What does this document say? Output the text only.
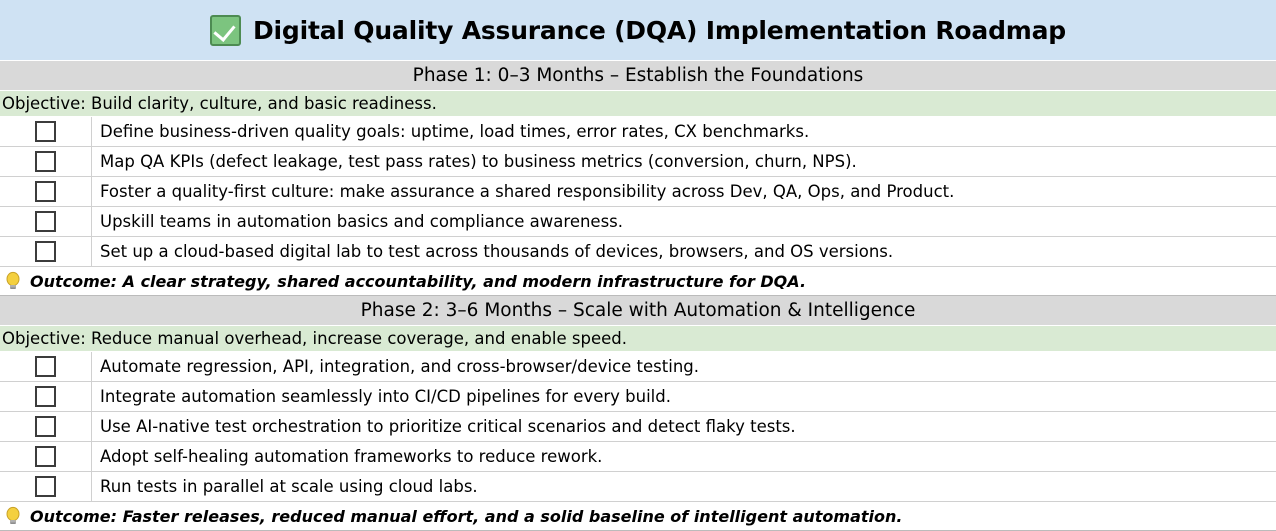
Digital Quality Assurance (DQA) Implementation Roadmap
Phase 1: 0–3 Months – Establish the Foundations
Objective: Build clarity, culture, and basic readiness.
Define business-driven quality goals: uptime, load times, error rates, CX benchmarks.
Map QA KPIs (defect leakage, test pass rates) to business metrics (conversion, churn, NPS).
Foster a quality-first culture: make assurance a shared responsibility across Dev, QA, Ops, and Product.
Upskill teams in automation basics and compliance awareness.
Set up a cloud-based digital lab to test across thousands of devices, browsers, and OS versions.
Outcome: A clear strategy, shared accountability, and modern infrastructure for DQA.
Phase 2: 3–6 Months – Scale with Automation & Intelligence
Objective: Reduce manual overhead, increase coverage, and enable speed.
Automate regression, API, integration, and cross-browser/device testing.
Integrate automation seamlessly into CI/CD pipelines for every build.
Use AI-native test orchestration to prioritize critical scenarios and detect flaky tests.
Adopt self-healing automation frameworks to reduce rework.
Run tests in parallel at scale using cloud labs.
Outcome: Faster releases, reduced manual effort, and a solid baseline of intelligent automation.
